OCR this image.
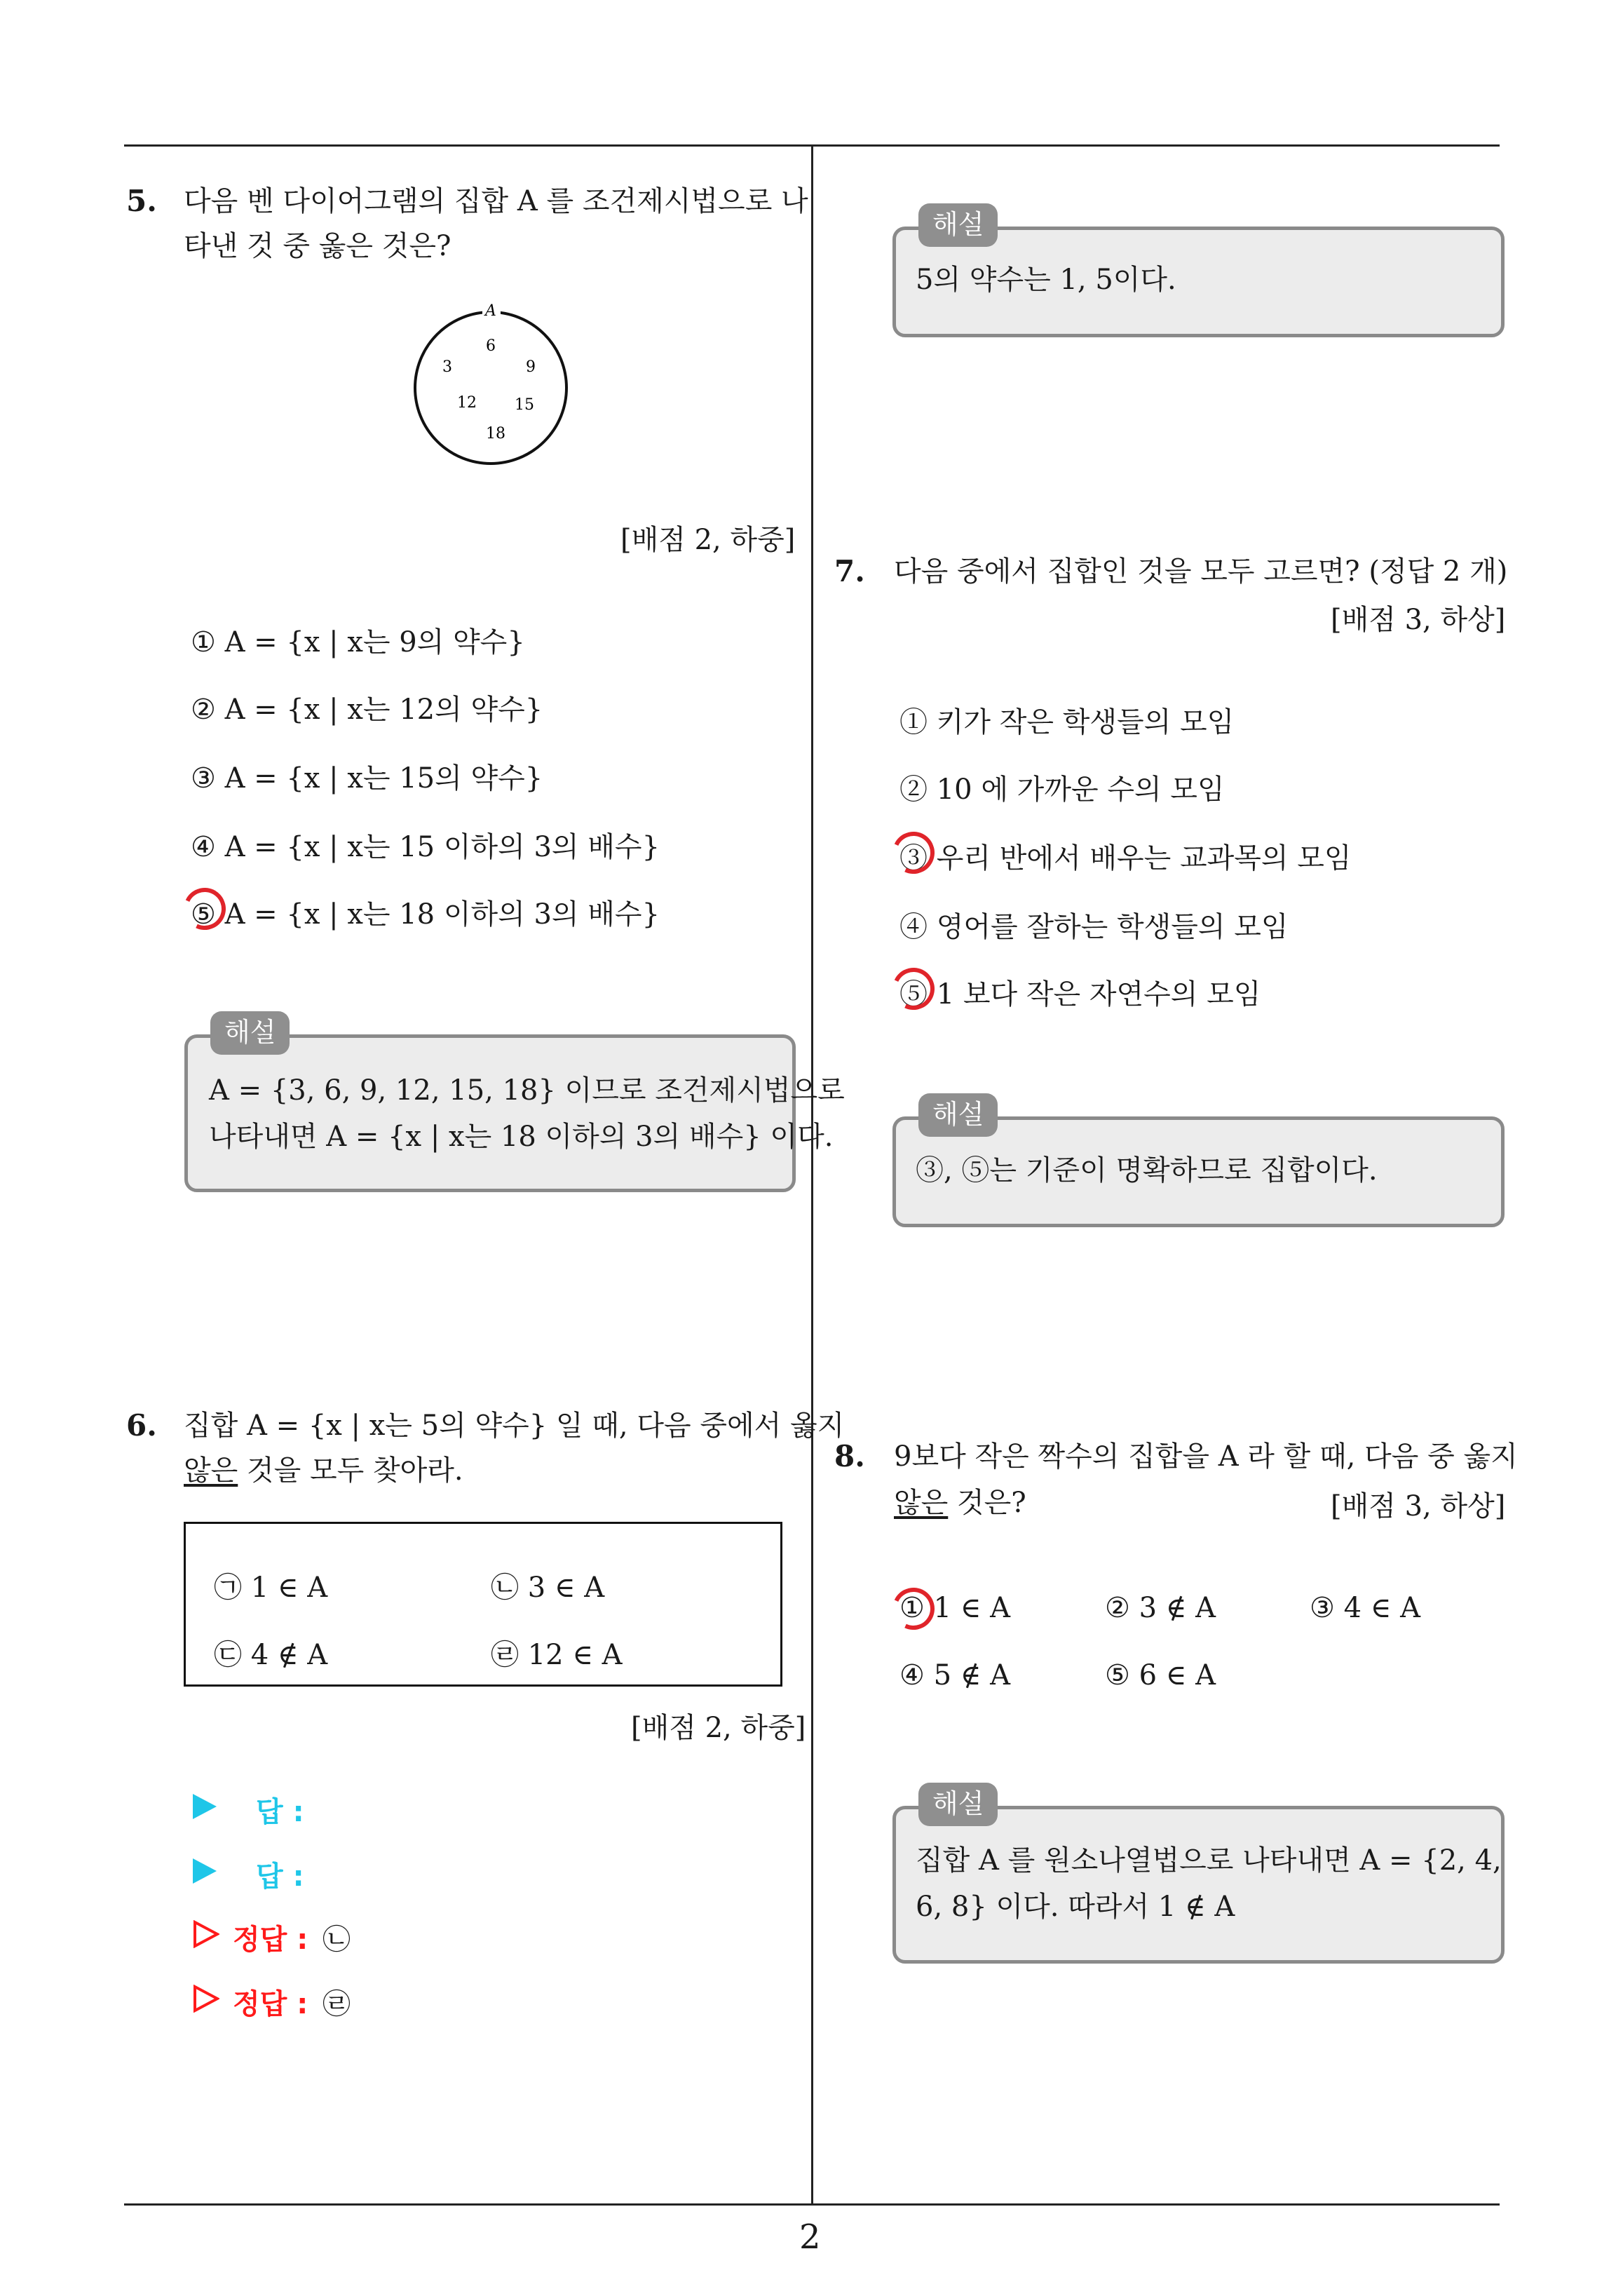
2
5. 다음 벤 다이어그램의 집합 A 를 조건제시법으로 나
타낸 것 중 옳은 것은?
A
6
3	9
12 15
18
[배점 2, 하중]
① A = {x | x는 9의 약수}
② A = {x | x는 12의 약수}
③ A = {x | x는 15의 약수}
④ A = {x | x는 15 이하의 3의 배수}
⑤ A = {x | x는 18 이하의 3의 배수}
해설
A = {3, 6, 9, 12, 15, 18} 이므로 조건제시법으로
나타내면 A = {x | x는 18 이하의 3의 배수} 이다.
6. 집합 A = {x | x는 5의 약수} 일 때, 다음 중에서 옳지
않은 것을 모두 찾아라.
㉠ 1 ∈ A	㉡ 3 ∈ A
㉢ 4 ∉ A	㉣ 12 ∈ A
[배점 2, 하중]
답 :
답 :
정답 : ㉡
정답 : ㉣
해설
5의 약수는 1, 5이다.
7. 다음 중에서 집합인 것을 모두 고르면? (정답 2 개)
[배점 3, 하상]
① 키가 작은 학생들의 모임
② 10 에 가까운 수의 모임
③ 우리 반에서 배우는 교과목의 모임
④ 영어를 잘하는 학생들의 모임
⑤ 1 보다 작은 자연수의 모임
해설
③, ⑤는 기준이 명확하므로 집합이다.
8. 9보다 작은 짝수의 집합을 A 라 할 때, 다음 중 옳지
않은 것은?	[배점 3, 하상]
① 1 ∈ A	② 3 ∉ A	③ 4 ∈ A
④ 5 ∉ A	⑤ 6 ∈ A
해설
집합 A 를 원소나열법으로 나타내면 A = {2, 4,
6, 8} 이다. 따라서 1 ∉ A
